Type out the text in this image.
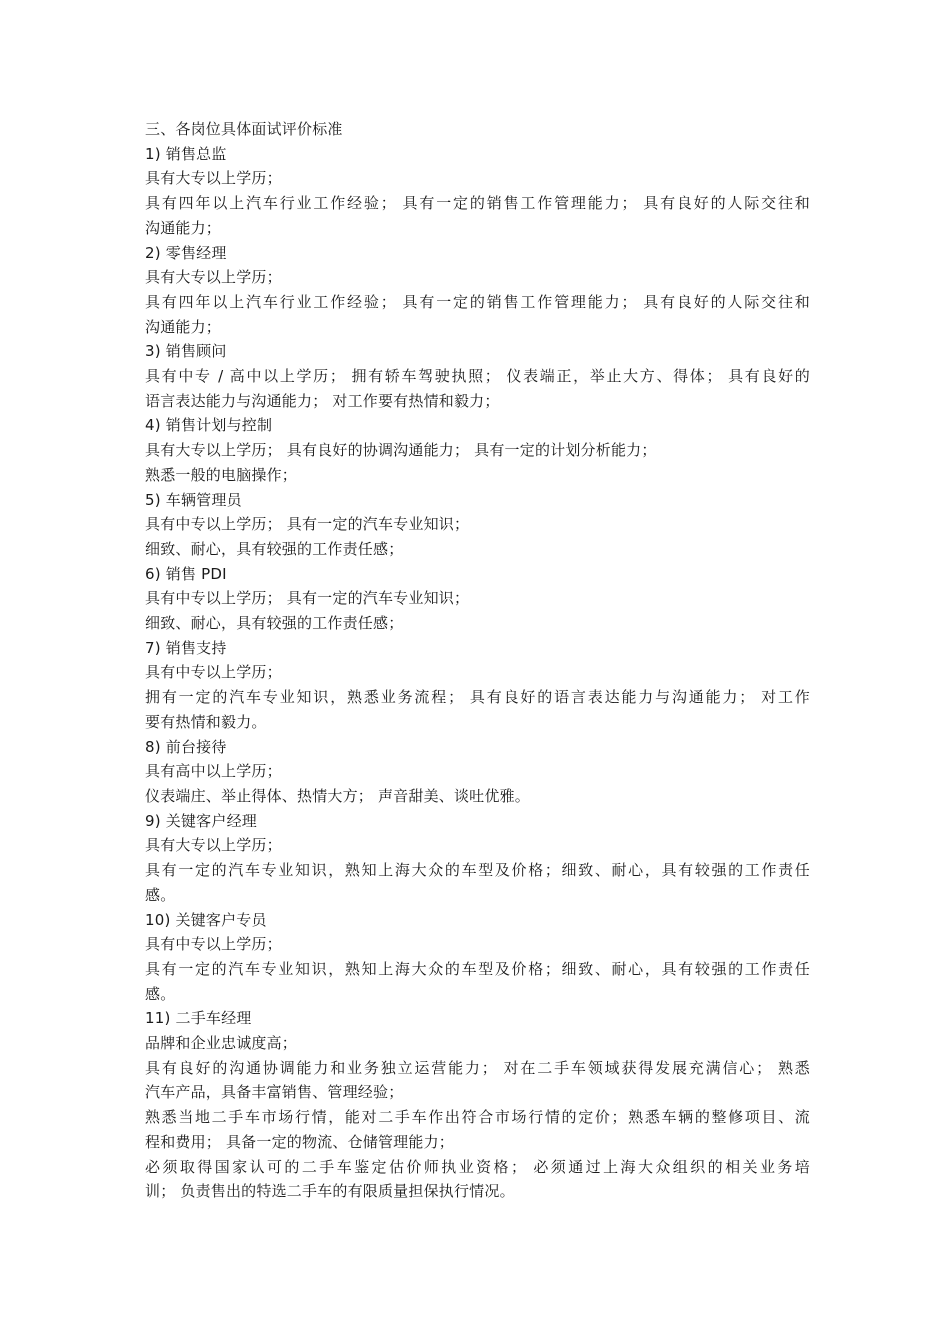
三、各岗位具体面试评价标准
1) 销售总监
具有大专以上学历；
具有四年以上汽车行业工作经验； 具有一定的销售工作管理能力； 具有良好的人际交往和
沟通能力；
2) 零售经理
具有大专以上学历；
具有四年以上汽车行业工作经验； 具有一定的销售工作管理能力； 具有良好的人际交往和
沟通能力；
3) 销售顾问
具有中专 / 高中以上学历； 拥有轿车驾驶执照； 仪表端正，举止大方、得体； 具有良好的
语言表达能力与沟通能力； 对工作要有热情和毅力；
4) 销售计划与控制
具有大专以上学历； 具有良好的协调沟通能力； 具有一定的计划分析能力；
熟悉一般的电脑操作；
5) 车辆管理员
具有中专以上学历； 具有一定的汽车专业知识；
细致、耐心，具有较强的工作责任感；
6) 销售 PDI
具有中专以上学历； 具有一定的汽车专业知识；
细致、耐心，具有较强的工作责任感；
7) 销售支持
具有中专以上学历；
拥有一定的汽车专业知识，熟悉业务流程； 具有良好的语言表达能力与沟通能力； 对工作
要有热情和毅力。
8) 前台接待
具有高中以上学历；
仪表端庄、举止得体、热情大方； 声音甜美、谈吐优雅。
9) 关键客户经理
具有大专以上学历；
具有一定的汽车专业知识，熟知上海大众的车型及价格；细致、耐心，具有较强的工作责任
感。
10) 关键客户专员
具有中专以上学历；
具有一定的汽车专业知识，熟知上海大众的车型及价格；细致、耐心，具有较强的工作责任
感。
11) 二手车经理
品牌和企业忠诚度高；
具有良好的沟通协调能力和业务独立运营能力； 对在二手车领域获得发展充满信心； 熟悉
汽车产品，具备丰富销售、管理经验；
熟悉当地二手车市场行情，能对二手车作出符合市场行情的定价；熟悉车辆的整修项目、流
程和费用； 具备一定的物流、仓储管理能力；
必须取得国家认可的二手车鉴定估价师执业资格； 必须通过上海大众组织的相关业务培
训； 负责售出的特选二手车的有限质量担保执行情况。
